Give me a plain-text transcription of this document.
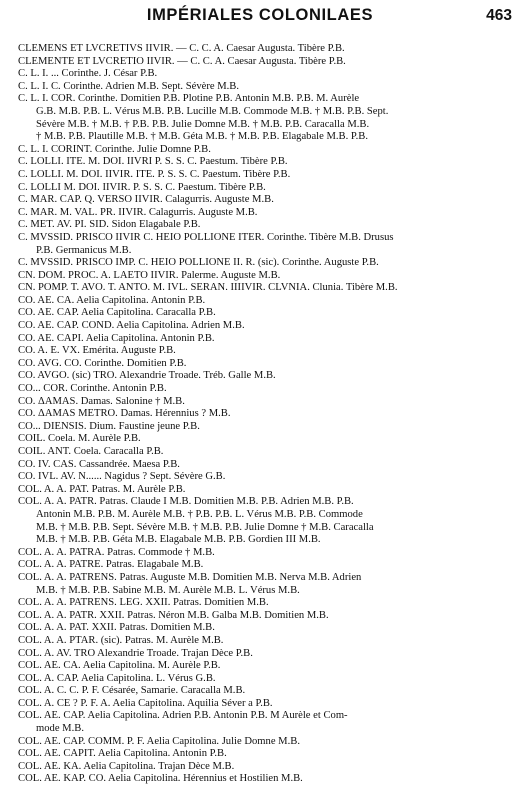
IMPÉRIALES COLONILAES	463
CLEMENS ET LVCRETIVS IIVIR. — C. C. A. Caesar Augusta. Tibère P.B.
CLEMENTE ET LVCRETIO IIVIR. — C. C. A. Caesar Augusta. Tibère P.B.
C. L. I. ... Corinthe. J. César P.B.
C. L. I. C. Corinthe. Adrien M.B. Sept. Sévère M.B.
C. L. I. COR. Corinthe. Domitien P.B. Plotine P.B. Antonin M.B. P.B. M. Aurèle
G.B. M.B. P.B. L. Vérus M.B. P.B. Lucille M.B. Commode M.B. † M.B. P.B. Sept.
Sévère M.B. † M.B. † P.B. P.B. Julie Domne M.B. † M.B. P.B. Caracalla M.B.
† M.B. P.B. Plautille M.B. † M.B. Géta M.B. † M.B. P.B. Elagabale M.B. P.B.
C. L. I. CORINT. Corinthe. Julie Domne P.B.
C. LOLLI. ITE. M. DOI. IIVRI P. S. S. C. Paestum. Tibère P.B.
C. LOLLI. M. DOI. IIVIR. ITE. P. S. S. C. Paestum. Tibère P.B.
C. LOLLI M. DOI. IIVIR. P. S. S. C. Paestum. Tibère P.B.
C. MAR. CAP. Q. VERSO IIVIR. Calagurris. Auguste M.B.
C. MAR. M. VAL. PR. IIVIR. Calagurris. Auguste M.B.
C. MET. AV. PI. SID. Sidon Elagabale P.B.
C. MVSSID. PRISCO IIVIR C. HEIO POLLIONE ITER. Corinthe. Tibère M.B. Drusus
P.B. Germanicus M.B.
C. MVSSID. PRISCO IMP. C. HEIO POLLIONE II. R. (sic). Corinthe. Auguste P.B.
CN. DOM. PROC. A. LAETO IIVIR. Palerme. Auguste M.B.
CN. POMP. T. AVO. T. ANTO. M. IVL. SERAN. IIIIVIR. CLVNIA. Clunia. Tibère M.B.
CO. AE. CA. Aelia Capitolina. Antonin P.B.
CO. AE. CAP. Aelia Capitolina. Caracalla P.B.
CO. AE. CAP. COND. Aelia Capitolina. Adrien M.B.
CO. AE. CAPI. Aelia Capitolina. Antonin P.B.
CO. A. E. VX. Emérita. Auguste P.B.
CO. AVG. CO. Corinthe. Domitien P.B.
CO. AVGO. (sic) TRO. Alexandrie Troade. Tréb. Galle M.B.
CO... COR. Corinthe. Antonin P.B.
CO. ΔAMAS. Damas. Salonine † M.B.
CO. ΔAMAS METRO. Damas. Hérennius ? M.B.
CO... DIENSIS. Dium. Faustine jeune P.B.
COIL. Coela. M. Aurèle P.B.
COIL. ANT. Coela. Caracalla P.B.
CO. IV. CAS. Cassandrée. Maesa P.B.
CO. IVL. AV. N...... Nagidus ? Sept. Sévère G.B.
COL. A. A. PAT. Patras. M. Aurèle P.B.
COL. A. A. PATR. Patras. Claude I M.B. Domitien M.B. P.B. Adrien M.B. P.B.
Antonin M.B. P.B. M. Aurèle M.B. † P.B. P.B. L. Vérus M.B. P.B. Commode
M.B. † M.B. P.B. Sept. Sévère M.B. † M.B. P.B. Julie Domne † M.B. Caracalla
M.B. † M.B. P.B. Géta M.B. Elagabale M.B. P.B. Gordien III M.B.
COL. A. A. PATRA. Patras. Commode † M.B.
COL. A. A. PATRE. Patras. Elagabale M.B.
COL. A. A. PATRENS. Patras. Auguste M.B. Domitien M.B. Nerva M.B. Adrien
M.B. † M.B. P.B. Sabine M.B. M. Aurèle M.B. L. Vérus M.B.
COL. A. A. PATRENS. LEG. XXII. Patras. Domitien M.B.
COL. A. A. PATR. XXII. Patras. Néron M.B. Galba M.B. Domitien M.B.
COL. A. A. PAT. XXII. Patras. Domitien M.B.
COL. A. A. PTAR. (sic). Patras. M. Aurèle M.B.
COL. A. AV. TRO Alexandrie Troade. Trajan Dèce P.B.
COL. AE. CA. Aelia Capitolina. M. Aurèle P.B.
COL. A. CAP. Aelia Capitolina. L. Vérus G.B.
COL. A. C. C. P. F. Césarée, Samarie. Caracalla M.B.
COL. A. CE ? P. F. A. Aelia Capitolina. Aquilia Séver a P.B.
COL. AE. CAP. Aelia Capitolina. Adrien P.B. Antonin P.B. M Aurèle et Com-
mode M.B.
COL. AE. CAP. COMM. P. F. Aelia Capitolina. Julie Domne M.B.
COL. AE. CAPIT. Aelia Capitolina. Antonin P.B.
COL. AE. KA. Aelia Capitolina. Trajan Dèce M.B.
COL. AE. KAP. CO. Aelia Capitolina. Hérennius et Hostilien M.B.
